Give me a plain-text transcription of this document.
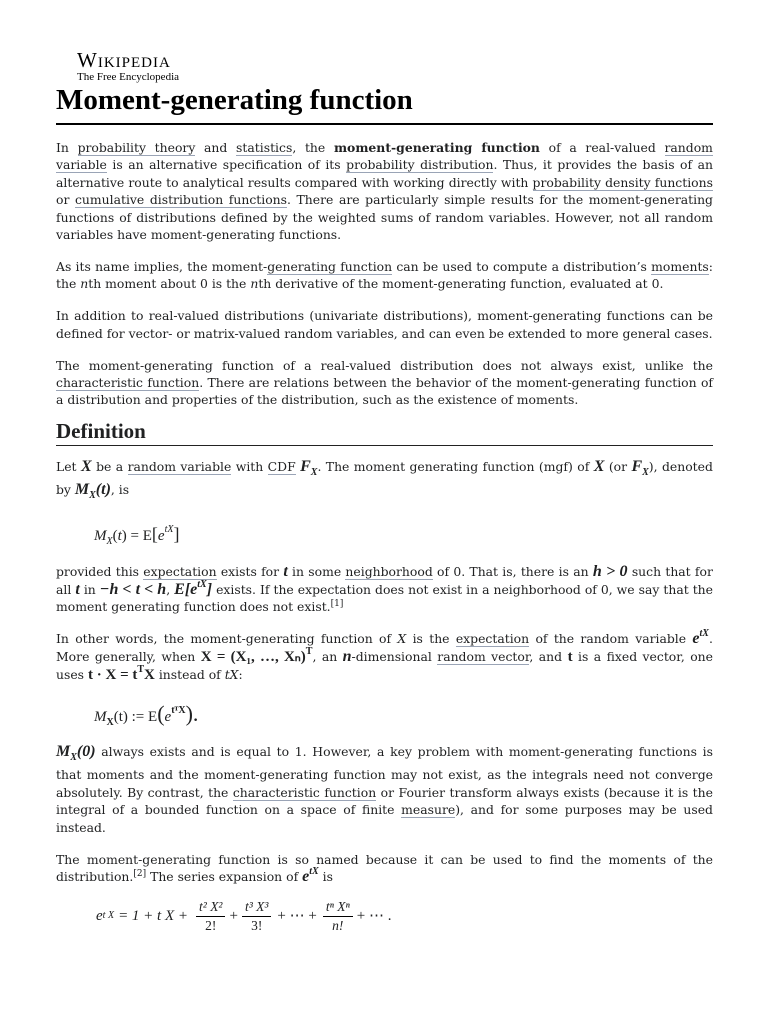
Wikipedia
The Free Encyclopedia
Moment-generating function

In probability theory and statistics, the moment-generating function of a real-valued random variable is an alternative specification of its probability distribution. Thus, it provides the basis of an alternative route to analytical results compared with working directly with probability density functions or cumulative distribution functions. There are particularly simple results for the moment-generating functions of distributions defined by the weighted sums of random variables. However, not all random variables have moment-generating functions.

As its name implies, the moment-generating function can be used to compute a distribution’s moments: the nth moment about 0 is the nth derivative of the moment-generating function, evaluated at 0.

In addition to real-valued distributions (univariate distributions), moment-generating functions can be defined for vector- or matrix-valued random variables, and can even be extended to more general cases.

The moment-generating function of a real-valued distribution does not always exist, unlike the characteristic function. There are relations between the behavior of the moment-generating function of a distribution and properties of the distribution, such as the existence of moments.

Definition

Let X be a random variable with CDF $F_X$. The moment generating function (mgf) of X (or $F_X$), denoted by $M_X(t)$, is

$M_X(t) = E[e^{tX}]$

provided this expectation exists for t in some neighborhood of 0. That is, there is an h > 0 such that for all t in −h < t < h, $E[e^{tX}]$ exists. If the expectation does not exist in a neighborhood of 0, we say that the moment generating function does not exist.[1]

In other words, the moment-generating function of X is the expectation of the random variable $e^{tX}$. More generally, when X = (X₁, …, Xₙ)$^T$, an n-dimensional random vector, and t is a fixed vector, one uses $t \cdot X = t^TX$ instead of tX:

$M_X(t)$ := $E(e^{tᵀX})$.

$M_X(0)$ always exists and is equal to 1. However, a key problem with moment-generating functions is that moments and the moment-generating function may not exist, as the integrals need not converge absolutely. By contrast, the characteristic function or Fourier transform always exists (because it is the integral of a bounded function on a space of finite measure), and for some purposes may be used instead.

The moment-generating function is so named because it can be used to find the moments of the distribution.[2] The series expansion of $e^{tX}$ is

e t X = 1 + t $X + \frac{\text{t² X²}}{2!} + \frac{\text{t³ X³}}{3!}$ + ⋯ + $\frac{\text{tⁿ Xⁿ}}{n!}$ + ⋯ .
